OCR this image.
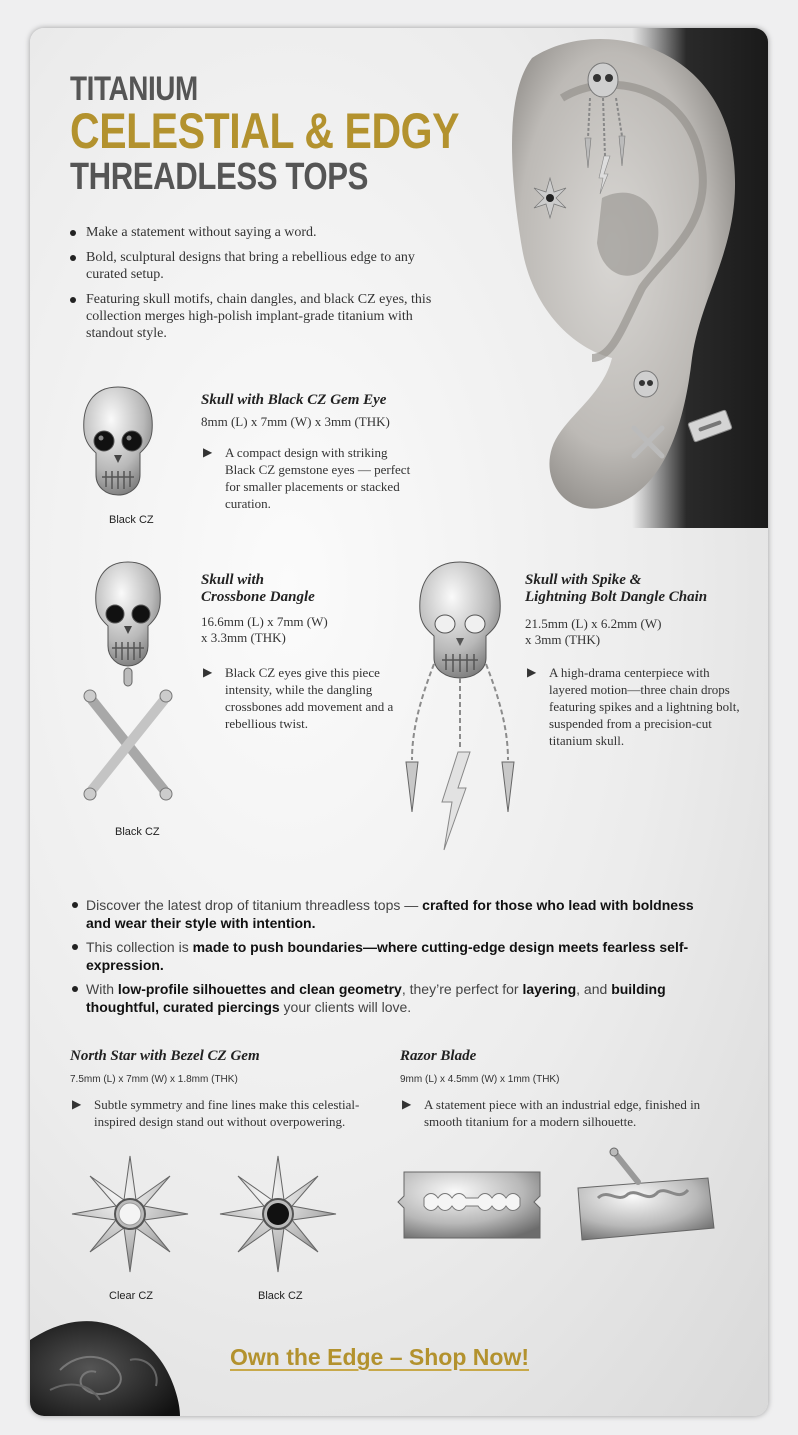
TITANIUM
CELESTIAL & EDGY
THREADLESS TOPS
Make a statement without saying a word.
Bold, sculptural designs that bring a rebellious edge to any curated setup.
Featuring skull motifs, chain dangles, and black CZ eyes, this collection merges high-polish implant-grade titanium with standout style.
Black CZ
Skull with Black CZ Gem Eye
8mm (L) x 7mm (W) x 3mm (THK)
▶ A compact design with striking Black CZ gemstone eyes — perfect for smaller placements or stacked curation.
Black CZ
Skull with
Crossbone Dangle
16.6mm (L) x 7mm (W)
x 3.3mm (THK)
▶ Black CZ eyes give this piece intensity, while the dangling crossbones add movement and a rebellious twist.
Skull with Spike &
Lightning Bolt Dangle Chain
21.5mm (L) x 6.2mm (W)
x 3mm (THK)
▶ A high-drama centerpiece with layered motion—three chain drops featuring spikes and a lightning bolt, suspended from a precision-cut titanium skull.
Discover the latest drop of titanium threadless tops — crafted for those who lead with boldness and wear their style with intention.
This collection is made to push boundaries—where cutting-edge design meets fearless self-expression.
With low-profile silhouettes and clean geometry, they’re perfect for layering, and building thoughtful, curated piercings your clients will love.
North Star with Bezel CZ Gem
7.5mm (L) x 7mm (W) x 1.8mm (THK)
▶ Subtle symmetry and fine lines make this celestial-inspired design stand out without overpowering.
Clear CZ	Black CZ
Razor Blade
9mm (L) x 4.5mm (W) x 1mm (THK)
▶ A statement piece with an industrial edge, finished in smooth titanium for a modern silhouette.
Own the Edge – Shop Now!
